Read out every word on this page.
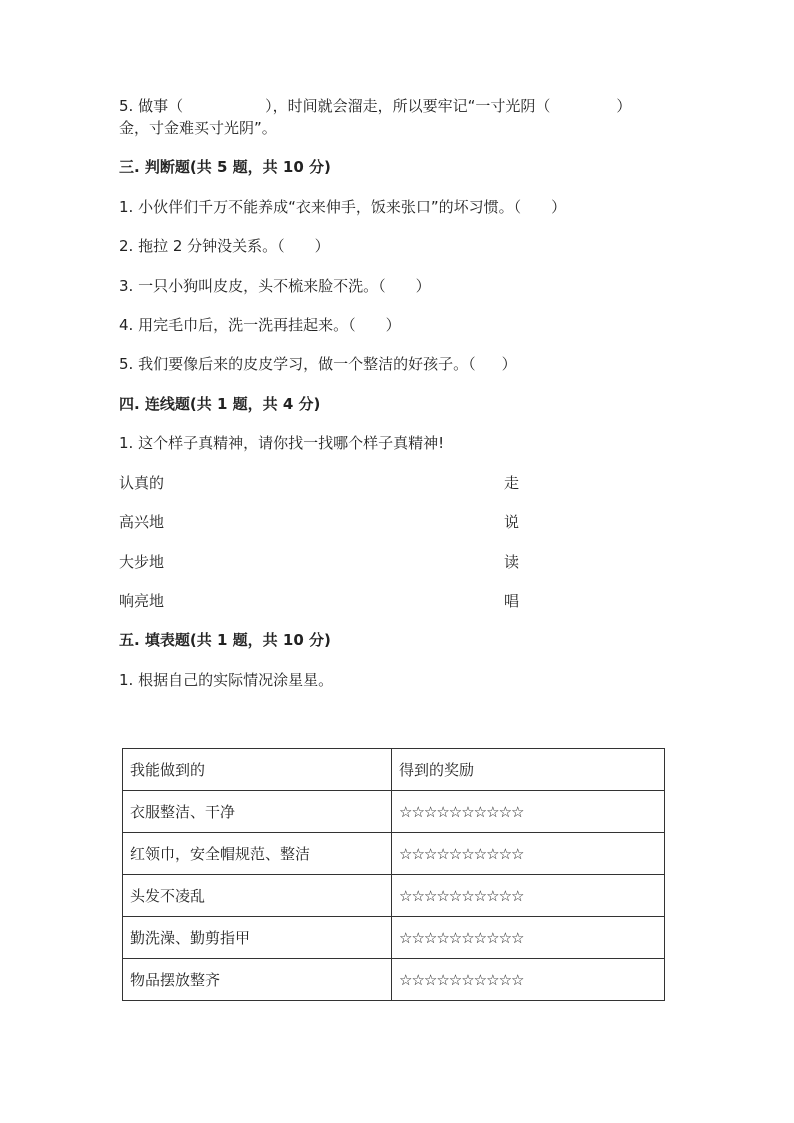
5. 做事（	），时间就会溜走，所以要牢记“一寸光阴（	）
金，寸金难买寸光阴”。
三. 判断题(共 5 题，共 10 分)
1. 小伙伴们千万不能养成“衣来伸手，饭来张口”的坏习惯。（ ）
2. 拖拉 2 分钟没关系。（ ）
3. 一只小狗叫皮皮，头不梳来脸不洗。（ ）
4. 用完毛巾后，洗一洗再挂起来。（ ）
5. 我们要像后来的皮皮学习，做一个整洁的好孩子。（ ）
四. 连线题(共 1 题，共 4 分)
1. 这个样子真精神，请你找一找哪个样子真精神!
认真的	走
高兴地	说
大步地	读
响亮地	唱
五. 填表题(共 1 题，共 10 分)
1. 根据自己的实际情况涂星星。
我能做到的	得到的奖励
衣服整洁、干净	☆☆☆☆☆☆☆☆☆☆
红领巾，安全帽规范、整洁	☆☆☆☆☆☆☆☆☆☆
头发不凌乱	☆☆☆☆☆☆☆☆☆☆
勤洗澡、勤剪指甲	☆☆☆☆☆☆☆☆☆☆
物品摆放整齐	☆☆☆☆☆☆☆☆☆☆
